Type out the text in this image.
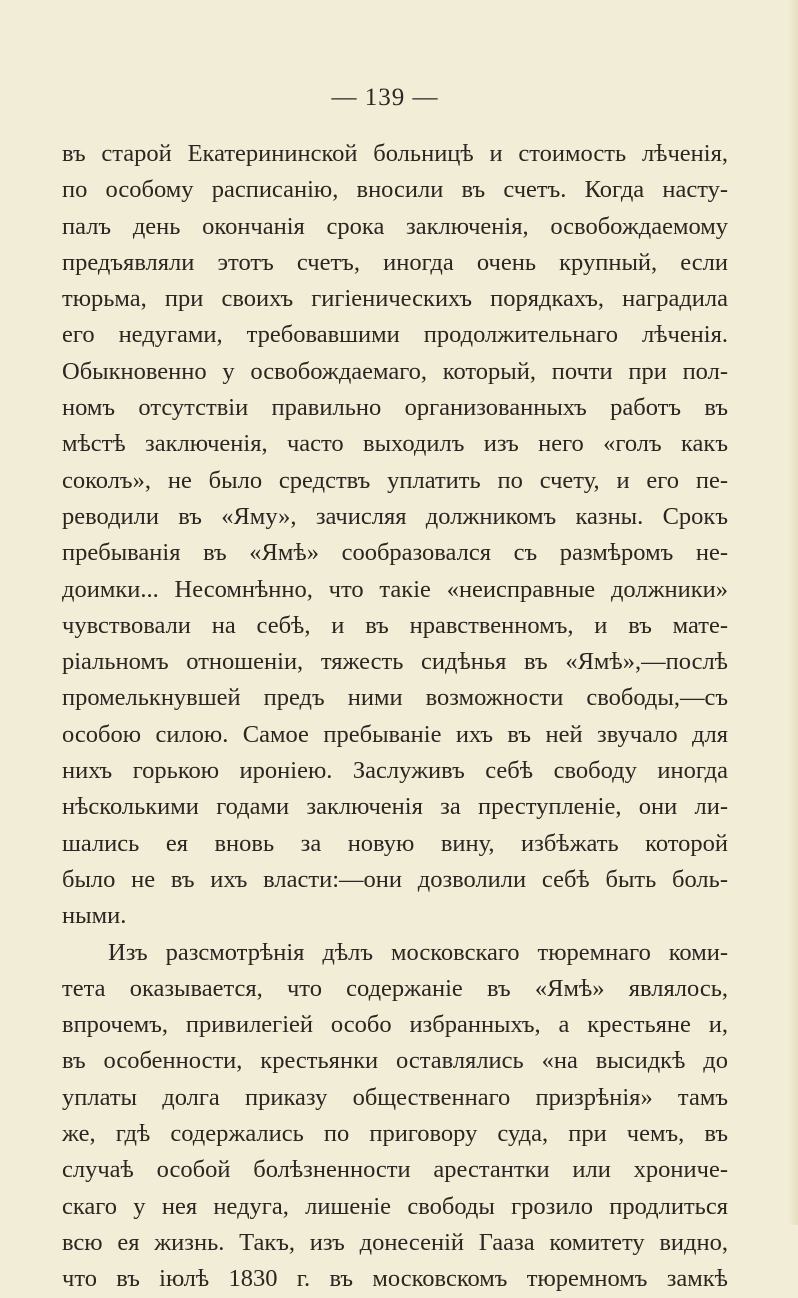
— 139 —
въ старой Екатерининской больницѣ и стоимость лѣченія,
по особому расписанію, вносили въ счетъ. Когда насту-
палъ день окончанія срока заключенія, освобождаемому
предъявляли этотъ счетъ, иногда очень крупный, если
тюрьма, при своихъ гигіеническихъ порядкахъ, наградила
его недугами, требовавшими продолжительнаго лѣченія.
Обыкновенно у освобождаемаго, который, почти при пол-
номъ отсутствіи правильно организованныхъ работъ въ
мѣстѣ заключенія, часто выходилъ изъ него «голъ какъ
соколъ», не было средствъ уплатить по счету, и его пе-
реводили въ «Яму», зачисляя должникомъ казны. Срокъ
пребыванія въ «Ямѣ» сообразовался съ размѣромъ не-
доимки... Несомнѣнно, что такіе «неисправные должники»
чувствовали на себѣ, и въ нравственномъ, и въ мате-
ріальномъ отношеніи, тяжесть сидѣнья въ «Ямѣ»,—послѣ
промелькнувшей предъ ними возможности свободы,—съ
особою силою. Самое пребываніе ихъ въ ней звучало для
нихъ горькою ироніею. Заслуживъ себѣ свободу иногда
нѣсколькими годами заключенія за преступленіе, они ли-
шались ея вновь за новую вину, избѣжать которой
было не въ ихъ власти:—они дозволили себѣ быть боль-
ными.
Изъ разсмотрѣнія дѣлъ московскаго тюремнаго коми-
тета оказывается, что содержаніе въ «Ямѣ» являлось,
впрочемъ, привилегіей особо избранныхъ, а крестьяне и,
въ особенности, крестьянки оставлялись «на высидкѣ до
уплаты долга приказу общественнаго призрѣнія» тамъ
же, гдѣ содержались по приговору суда, при чемъ, въ
случаѣ особой болѣзненности арестантки или хрониче-
скаго у нея недуга, лишеніе свободы грозило продлиться
всю ея жизнь. Такъ, изъ донесеній Гааза комитету видно,
что въ іюлѣ 1830 г. въ московскомъ тюремномъ замкѣ
